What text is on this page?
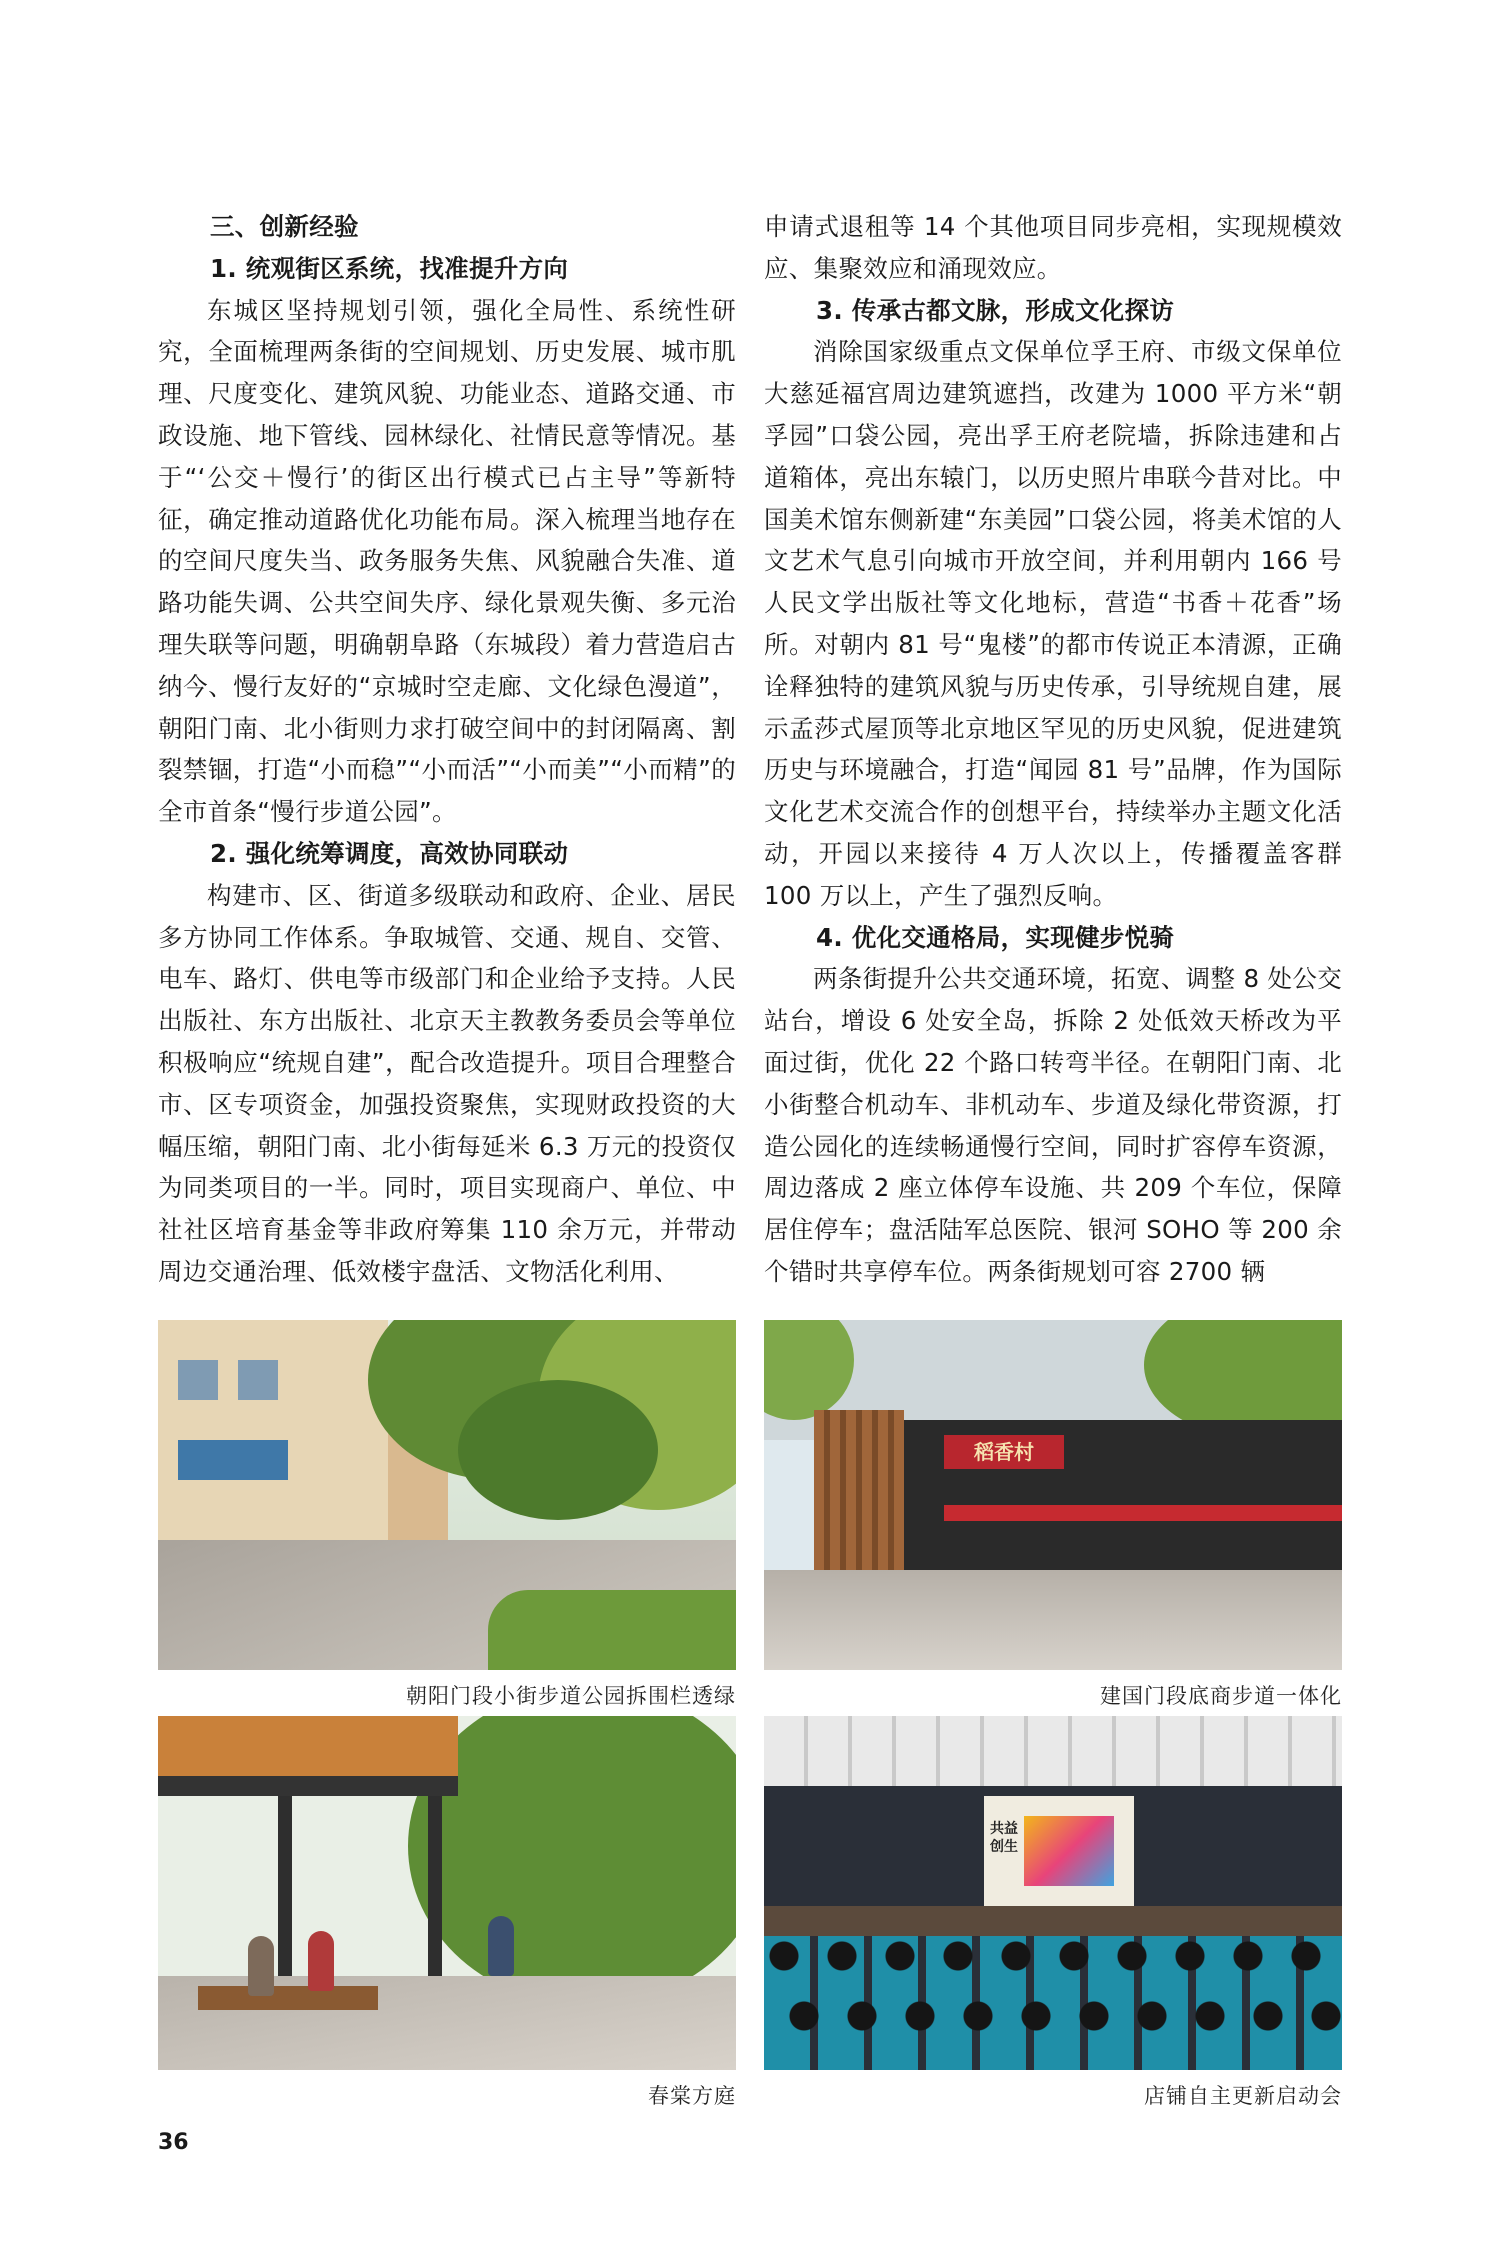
三、创新经验
1. 统观街区系统，找准提升方向

东城区坚持规划引领，强化全局性、系统性研究，全面梳理两条街的空间规划、历史发展、城市肌理、尺度变化、建筑风貌、功能业态、道路交通、市政设施、地下管线、园林绿化、社情民意等情况。基于“‘公交＋慢行’的街区出行模式已占主导”等新特征，确定推动道路优化功能布局。深入梳理当地存在的空间尺度失当、政务服务失焦、风貌融合失准、道路功能失调、公共空间失序、绿化景观失衡、多元治理失联等问题，明确朝阜路（东城段）着力营造启古纳今、慢行友好的“京城时空走廊、文化绿色漫道”，朝阳门南、北小街则力求打破空间中的封闭隔离、割裂禁锢，打造“小而稳”“小而活”“小而美”“小而精”的全市首条“慢行步道公园”。

2. 强化统筹调度，高效协同联动

构建市、区、街道多级联动和政府、企业、居民多方协同工作体系。争取城管、交通、规自、交管、电车、路灯、供电等市级部门和企业给予支持。人民出版社、东方出版社、北京天主教教务委员会等单位积极响应“统规自建”，配合改造提升。项目合理整合市、区专项资金，加强投资聚焦，实现财政投资的大幅压缩，朝阳门南、北小街每延米 6.3 万元的投资仅为同类项目的一半。同时，项目实现商户、单位、中社社区培育基金等非政府筹集 110 余万元，并带动周边交通治理、低效楼宇盘活、文物活化利用、

申请式退租等 14 个其他项目同步亮相，实现规模效应、集聚效应和涌现效应。

3. 传承古都文脉，形成文化探访

消除国家级重点文保单位孚王府、市级文保单位大慈延福宫周边建筑遮挡，改建为 1000 平方米“朝孚园”口袋公园，亮出孚王府老院墙，拆除违建和占道箱体，亮出东辕门，以历史照片串联今昔对比。中国美术馆东侧新建“东美园”口袋公园，将美术馆的人文艺术气息引向城市开放空间，并利用朝内 166 号人民文学出版社等文化地标，营造“书香＋花香”场所。对朝内 81 号“鬼楼”的都市传说正本清源，正确诠释独特的建筑风貌与历史传承，引导统规自建，展示孟莎式屋顶等北京地区罕见的历史风貌，促进建筑历史与环境融合，打造“闻园 81 号”品牌，作为国际文化艺术交流合作的创想平台，持续举办主题文化活动，开园以来接待 4 万人次以上，传播覆盖客群 100 万以上，产生了强烈反响。

4. 优化交通格局，实现健步悦骑

两条街提升公共交通环境，拓宽、调整 8 处公交站台，增设 6 处安全岛，拆除 2 处低效天桥改为平面过街，优化 22 个路口转弯半径。在朝阳门南、北小街整合机动车、非机动车、步道及绿化带资源，打造公园化的连续畅通慢行空间，同时扩容停车资源，周边落成 2 座立体停车设施、共 209 个车位，保障居住停车；盘活陆军总医院、银河 SOHO 等 200 余个错时共享停车位。两条街规划可容 2700 辆

朝阳门段小街步道公园拆围栏透绿
稻香村
建国门段底商步道一体化
春棠方庭
共益创生
店铺自主更新启动会
36
